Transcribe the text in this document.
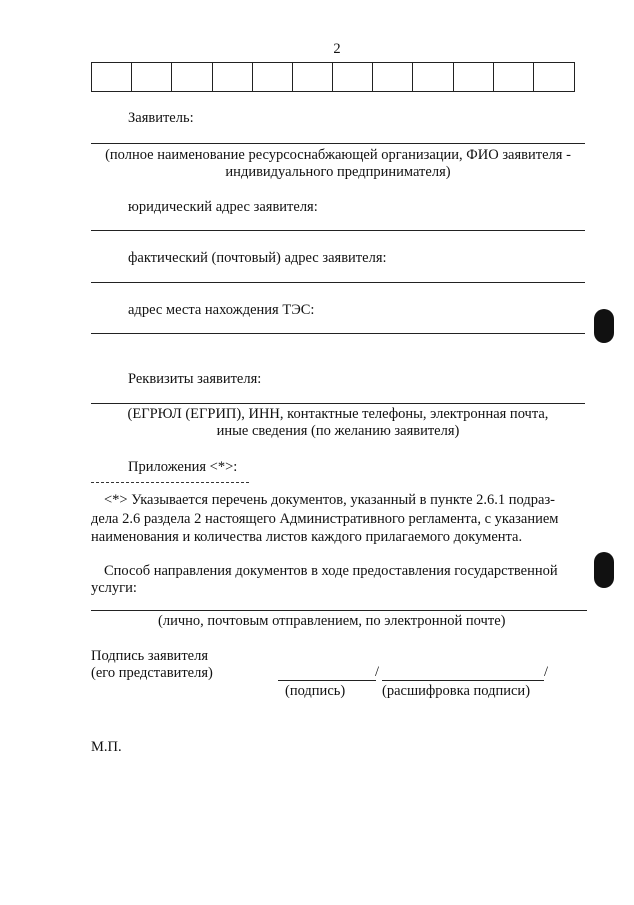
2
Заявитель:
(полное наименование ресурсоснабжающей организации, ФИО заявителя -
индивидуального предпринимателя)
юридический адрес заявителя:
фактический (почтовый) адрес заявителя:
адрес места нахождения ТЭС:
Реквизиты заявителя:
(ЕГРЮЛ (ЕГРИП), ИНН, контактные телефоны, электронная почта,
иные сведения (по желанию заявителя)
Приложения <*>:
<*> Указывается перечень документов, указанный в пункте 2.6.1 подраз-
дела 2.6 раздела 2 настоящего Административного регламента, с указанием
наименования и количества листов каждого прилагаемого документа.
Способ направления документов в ходе предоставления государственной
услуги:
(лично, почтовым отправлением, по электронной почте)
Подпись заявителя
(его представителя)	/	/
(подпись)	(расшифровка подписи)
М.П.
